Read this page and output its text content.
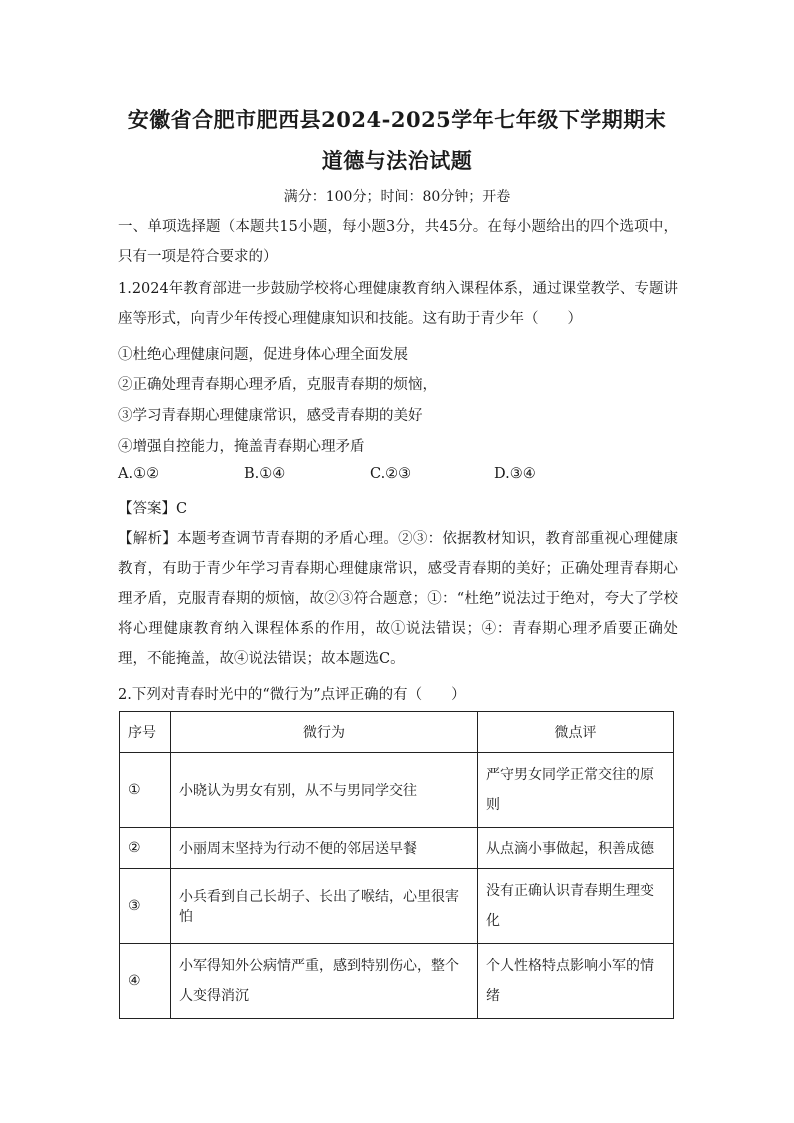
安徽省合肥市肥西县2024-2025学年七年级下学期期末
道德与法治试题
满分：100分；时间：80分钟；开卷
一、单项选择题（本题共15小题，每小题3分，共45分。在每小题给出的四个选项中，只有一项是符合要求的）
1.2024年教育部进一步鼓励学校将心理健康教育纳入课程体系，通过课堂教学、专题讲座等形式，向青少年传授心理健康知识和技能。这有助于青少年（　　）
①杜绝心理健康问题，促进身体心理全面发展
②正确处理青春期心理矛盾，克服青春期的烦恼，
③学习青春期心理健康常识，感受青春期的美好
④增强自控能力，掩盖青春期心理矛盾
A.①②	B.①④	C.②③	D.③④
【答案】C
【解析】本题考查调节青春期的矛盾心理。②③：依据教材知识，教育部重视心理健康教育，有助于青少年学习青春期心理健康常识，感受青春期的美好；正确处理青春期心理矛盾，克服青春期的烦恼，故②③符合题意；①：“杜绝”说法过于绝对，夸大了学校将心理健康教育纳入课程体系的作用，故①说法错误；④：青春期心理矛盾要正确处理，不能掩盖，故④说法错误；故本题选C。
2.下列对青春时光中的“微行为”点评正确的有（　　）
序号	微行为	微点评
①	小晓认为男女有别，从不与男同学交往	严守男女同学正常交往的原则
②	小丽周末坚持为行动不便的邻居送早餐	从点滴小事做起，积善成德
③	小兵看到自己长胡子、长出了喉结，心里很害怕	没有正确认识青春期生理变化
④	小军得知外公病情严重，感到特别伤心，整个人变得消沉	个人性格特点影响小军的情绪
